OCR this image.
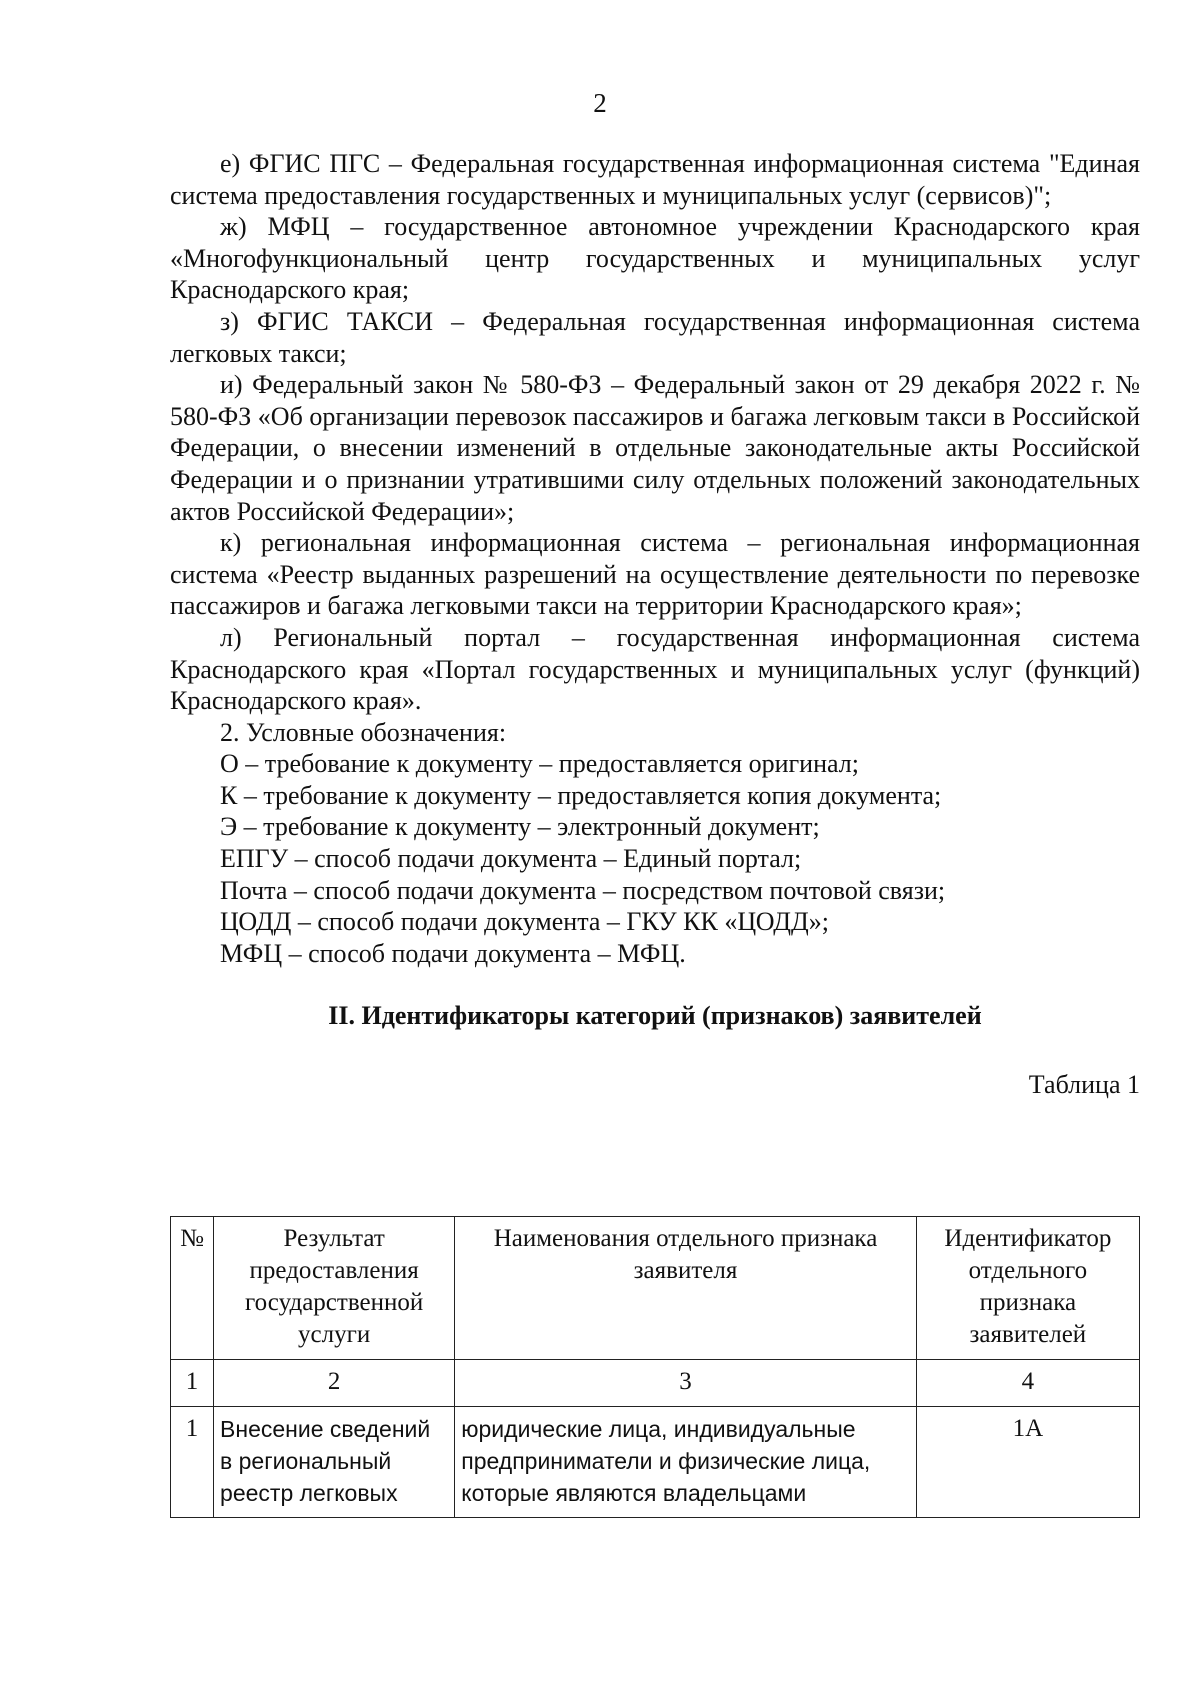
2

е) ФГИС ПГС – Федеральная государственная информационная система "Единая система предоставления государственных и муниципальных услуг (сервисов)";

ж) МФЦ – государственное автономное учреждении Краснодарского края «Многофункциональный центр государственных и муниципальных услуг Краснодарского края;

з) ФГИС ТАКСИ – Федеральная государственная информационная система легковых такси;

и) Федеральный закон № 580-ФЗ – Федеральный закон от 29 декабря 2022 г. № 580-ФЗ «Об организации перевозок пассажиров и багажа легковым такси в Российской Федерации, о внесении изменений в отдельные законодательные акты Российской Федерации и о признании утратившими силу отдельных положений законодательных актов Российской Федерации»;

к) региональная информационная система – региональная информационная система «Реестр выданных разрешений на осуществление деятельности по перевозке пассажиров и багажа легковыми такси на территории Краснодарского края»;

л) Региональный портал – государственная информационная система Краснодарского края «Портал государственных и муниципальных услуг (функций) Краснодарского края».

2. Условные обозначения:

О – требование к документу – предоставляется оригинал;

К – требование к документу – предоставляется копия документа;

Э – требование к документу – электронный документ;

ЕПГУ – способ подачи документа – Единый портал;

Почта – способ подачи документа – посредством почтовой связи;

ЦОДД – способ подачи документа – ГКУ КК «ЦОДД»;

МФЦ – способ подачи документа – МФЦ.

II. Идентификаторы категорий (признаков) заявителей

Таблица 1

№	Результат предоставления государственной услуги	Наименования отдельного признака заявителя	Идентификатор отдельного признака заявителей
1	2	3	4
1	Внесение сведений в региональный реестр легковых	юридические лица, индивидуальные предприниматели и физические лица, которые являются владельцами	1А
